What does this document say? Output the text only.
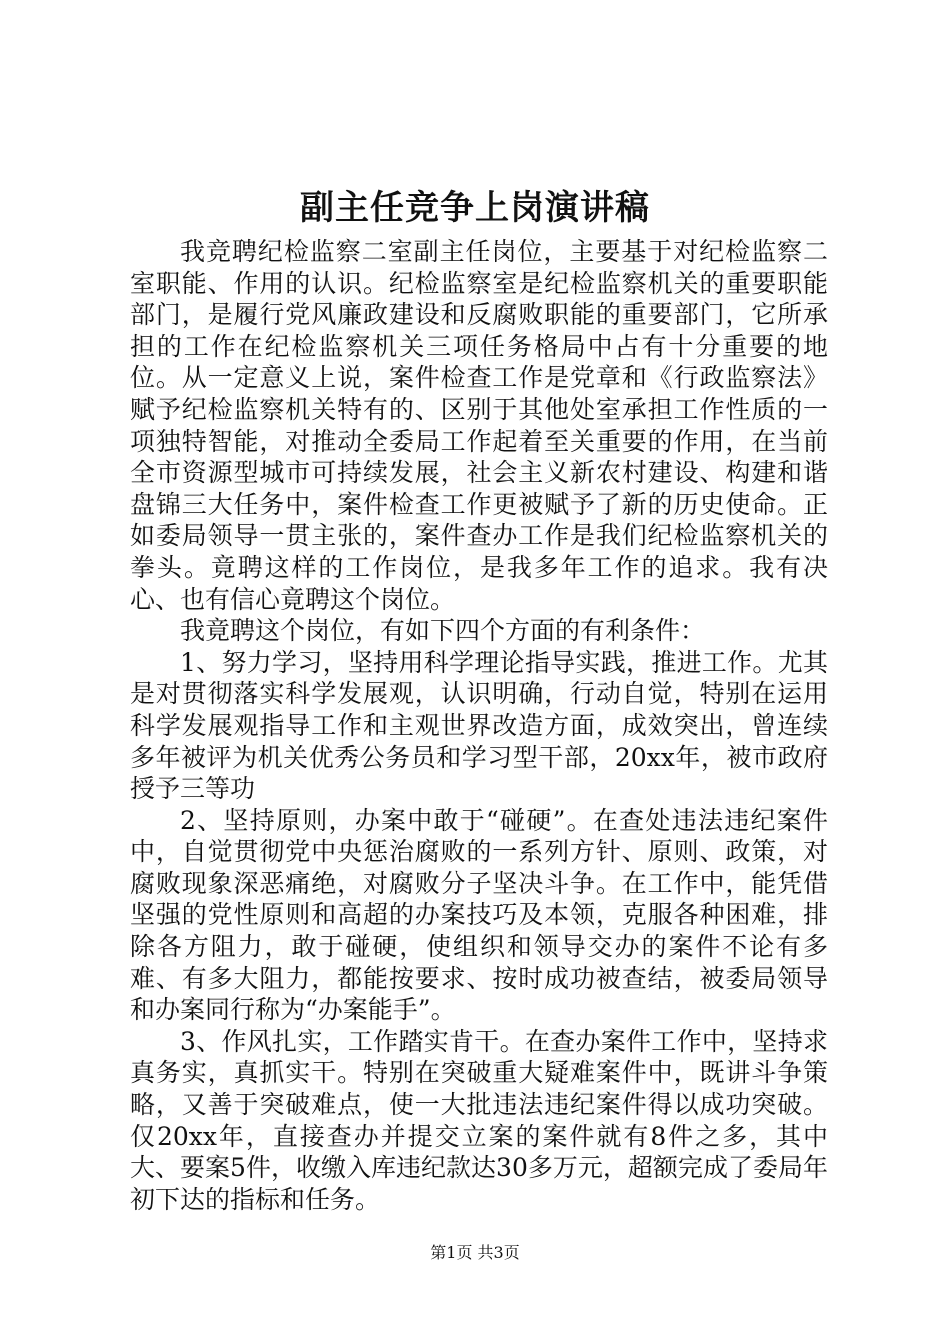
副主任竞争上岗演讲稿

我竞聘纪检监察二室副主任岗位，主要基于对纪检监察二室职能、作用的认识。纪检监察室是纪检监察机关的重要职能部门，是履行党风廉政建设和反腐败职能的重要部门，它所承担的工作在纪检监察机关三项任务格局中占有十分重要的地位。从一定意义上说，案件检查工作是党章和《行政监察法》赋予纪检监察机关特有的、区别于其他处室承担工作性质的一项独特智能，对推动全委局工作起着至关重要的作用，在当前全市资源型城市可持续发展，社会主义新农村建设、构建和谐盘锦三大任务中，案件检查工作更被赋予了新的历史使命。正如委局领导一贯主张的，案件查办工作是我们纪检监察机关的拳头。竟聘这样的工作岗位，是我多年工作的追求。我有决心、也有信心竟聘这个岗位。

我竟聘这个岗位，有如下四个方面的有利条件：

1、努力学习，坚持用科学理论指导实践，推进工作。尤其是对贯彻落实科学发展观，认识明确，行动自觉，特别在运用科学发展观指导工作和主观世界改造方面，成效突出，曾连续多年被评为机关优秀公务员和学习型干部，20xx年，被市政府授予三等功

2、坚持原则，办案中敢于“碰硬”。在查处违法违纪案件中，自觉贯彻党中央惩治腐败的一系列方针、原则、政策，对腐败现象深恶痛绝，对腐败分子坚决斗争。在工作中，能凭借坚强的党性原则和高超的办案技巧及本领，克服各种困难，排除各方阻力，敢于碰硬，使组织和领导交办的案件不论有多难、有多大阻力，都能按要求、按时成功被查结，被委局领导和办案同行称为“办案能手”。

3、作风扎实，工作踏实肯干。在查办案件工作中，坚持求真务实，真抓实干。特别在突破重大疑难案件中，既讲斗争策略，又善于突破难点，使一大批违法违纪案件得以成功突破。仅20xx年，直接查办并提交立案的案件就有8件之多，其中大、要案5件，收缴入库违纪款达30多万元，超额完成了委局年初下达的指标和任务。

第1页 共3页
